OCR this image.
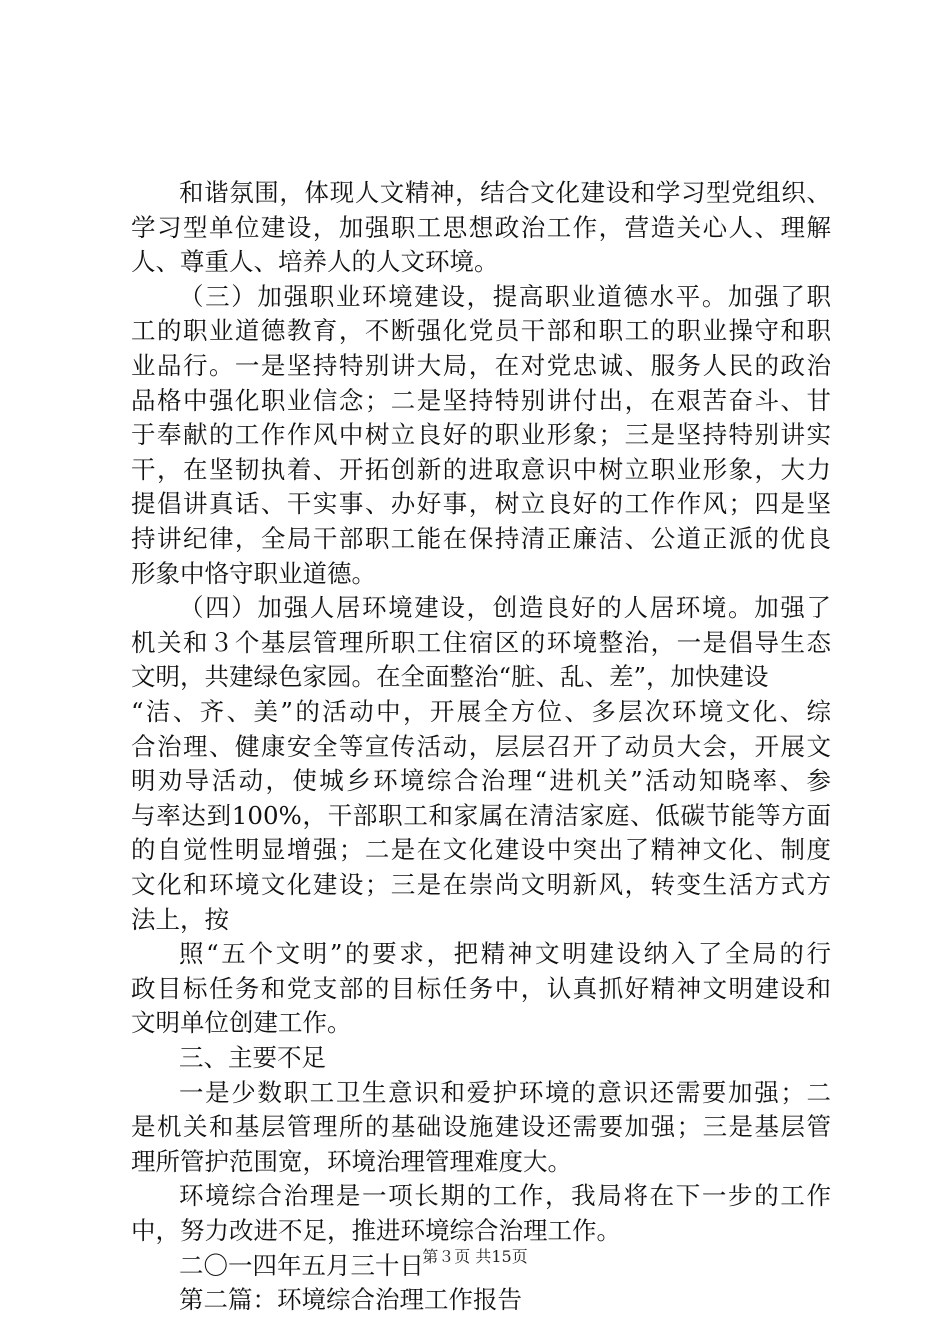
和谐氛围，体现人文精神，结合文化建设和学习型党组织、
学习型单位建设，加强职工思想政治工作，营造关心人、理解
人、尊重人、培养人的人文环境。
（三）加强职业环境建设，提高职业道德水平。加强了职
工的职业道德教育，不断强化党员干部和职工的职业操守和职
业品行。一是坚持特别讲大局，在对党忠诚、服务人民的政治
品格中强化职业信念；二是坚持特别讲付出，在艰苦奋斗、甘
于奉献的工作作风中树立良好的职业形象；三是坚持特别讲实
干，在坚韧执着、开拓创新的进取意识中树立职业形象，大力
提倡讲真话、干实事、办好事，树立良好的工作作风；四是坚
持讲纪律，全局干部职工能在保持清正廉洁、公道正派的优良
形象中恪守职业道德。
（四）加强人居环境建设，创造良好的人居环境。加强了
机关和３个基层管理所职工住宿区的环境整治，一是倡导生态
文明，共建绿色家园。在全面整治“脏、乱、差”，加快建设
“洁、齐、美”的活动中，开展全方位、多层次环境文化、综
合治理、健康安全等宣传活动，层层召开了动员大会，开展文
明劝导活动，使城乡环境综合治理“进机关”活动知晓率、参
与率达到100%，干部职工和家属在清洁家庭、低碳节能等方面
的自觉性明显增强；二是在文化建设中突出了精神文化、制度
文化和环境文化建设；三是在崇尚文明新风，转变生活方式方
法上，按
照“五个文明”的要求，把精神文明建设纳入了全局的行
政目标任务和党支部的目标任务中，认真抓好精神文明建设和
文明单位创建工作。
三、主要不足
一是少数职工卫生意识和爱护环境的意识还需要加强；二
是机关和基层管理所的基础设施建设还需要加强；三是基层管
理所管护范围宽，环境治理管理难度大。
环境综合治理是一项长期的工作，我局将在下一步的工作
中，努力改进不足，推进环境综合治理工作。
二〇一四年五月三十日
第二篇：环境综合治理工作报告
第３页 共15页
